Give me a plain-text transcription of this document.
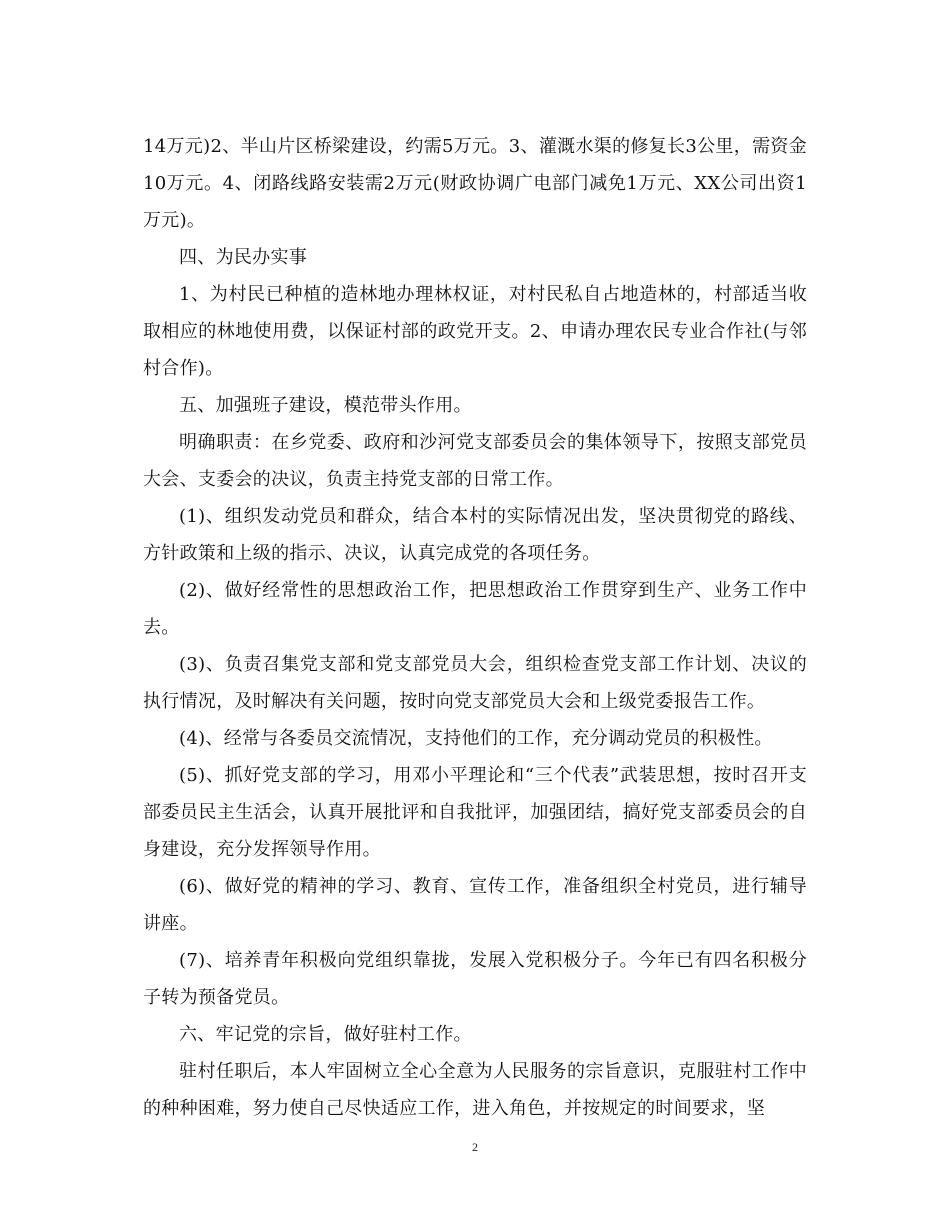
14万元)2、半山片区桥梁建设，约需5万元。3、灌溉水渠的修复长3公里，需资金10万元。4、闭路线路安装需2万元(财政协调广电部门减免1万元、XX公司出资1万元)。

四、为民办实事

1、为村民已种植的造林地办理林权证，对村民私自占地造林的，村部适当收取相应的林地使用费，以保证村部的政党开支。2、申请办理农民专业合作社(与邻村合作)。

五、加强班子建设，模范带头作用。

明确职责：在乡党委、政府和沙河党支部委员会的集体领导下，按照支部党员大会、支委会的决议，负责主持党支部的日常工作。

(1)、组织发动党员和群众，结合本村的实际情况出发，坚决贯彻党的路线、方针政策和上级的指示、决议，认真完成党的各项任务。

(2)、做好经常性的思想政治工作，把思想政治工作贯穿到生产、业务工作中去。

(3)、负责召集党支部和党支部党员大会，组织检查党支部工作计划、决议的执行情况，及时解决有关问题，按时向党支部党员大会和上级党委报告工作。

(4)、经常与各委员交流情况，支持他们的工作，充分调动党员的积极性。

(5)、抓好党支部的学习，用邓小平理论和“三个代表”武装思想，按时召开支部委员民主生活会，认真开展批评和自我批评，加强团结，搞好党支部委员会的自身建设，充分发挥领导作用。

(6)、做好党的精神的学习、教育、宣传工作，准备组织全村党员，进行辅导讲座。

(7)、培养青年积极向党组织靠拢，发展入党积极分子。今年已有四名积极分子转为预备党员。

六、牢记党的宗旨，做好驻村工作。

驻村任职后，本人牢固树立全心全意为人民服务的宗旨意识，克服驻村工作中的种种困难，努力使自己尽快适应工作，进入角色，并按规定的时间要求，坚

2
